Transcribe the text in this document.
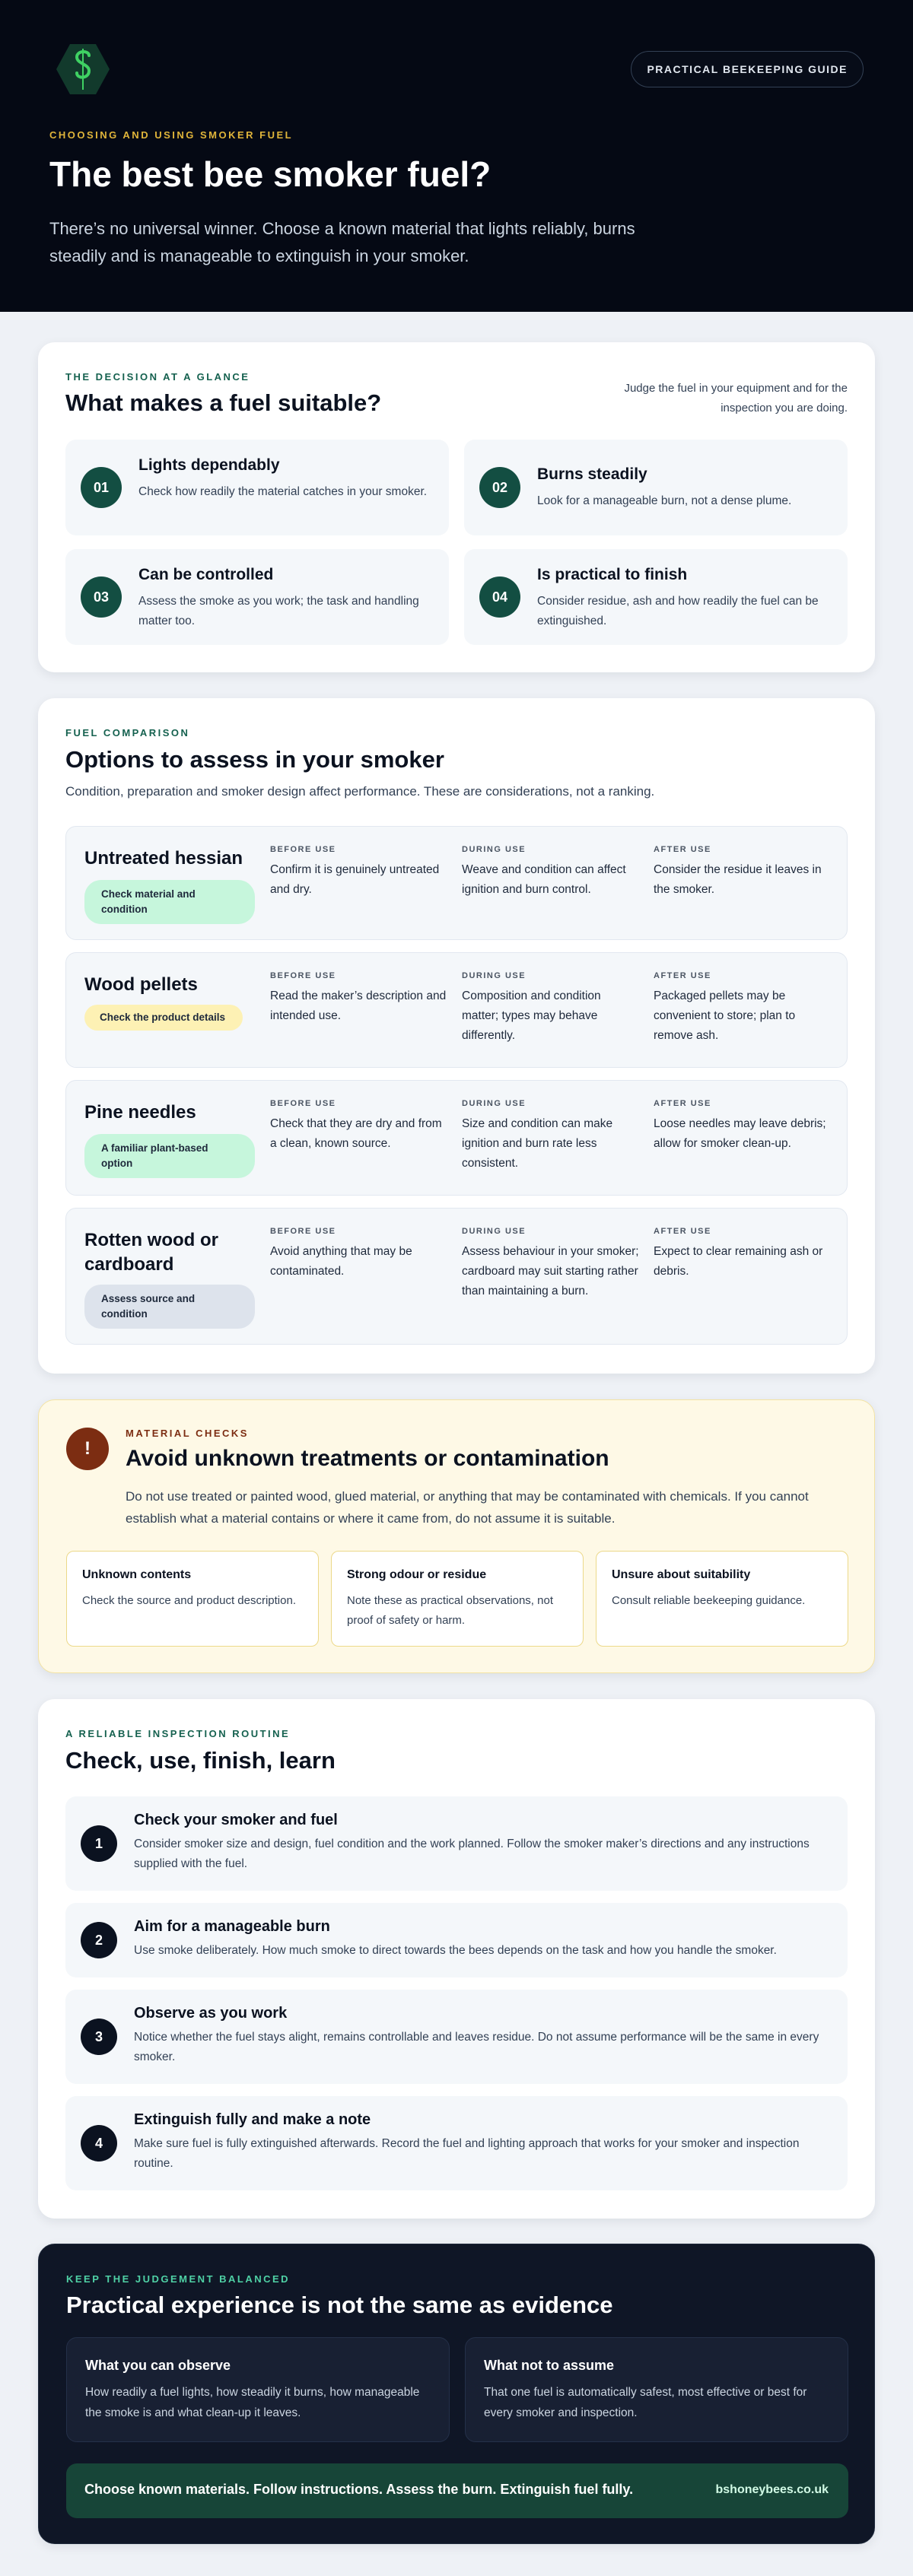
PRACTICAL BEEKEEPING GUIDE
CHOOSING AND USING SMOKER FUEL
The best bee smoker fuel?

There’s no universal winner. Choose a known material that lights reliably, burns steadily and is manageable to extinguish in your smoker.

THE DECISION AT A GLANCE
What makes a fuel suitable?

Judge the fuel in your equipment and for the inspection you are doing.

01
Lights dependably
Check how readily the material catches in your smoker.	02
Burns steadily
Look for a manageable burn, not a dense plume.
03
Can be controlled
Assess the smoke as you work; the task and handling matter too.
04
Is practical to finish
Consider residue, ash and how readily the fuel can be extinguished.
FUEL COMPARISON
Options to assess in your smoker

Condition, preparation and smoker design affect performance. These are considerations, not a ranking.

Untreated hessian
Check material and condition
BEFORE USE
Confirm it is genuinely untreated and dry.
DURING USE
Weave and condition can affect ignition and burn control.
AFTER USE
Consider the residue it leaves in the smoker.
Wood pellets
Check the product details
BEFORE USE
Read the maker’s description and intended use.
DURING USE
Composition and condition matter; types may behave differently.
AFTER USE
Packaged pellets may be convenient to store; plan to remove ash.
Pine needles
A familiar plant-based option
BEFORE USE
Check that they are dry and from a clean, known source.
DURING USE
Size and condition can make ignition and burn rate less consistent.
AFTER USE
Loose needles may leave debris; allow for smoker clean-up.
Rotten wood or cardboard
Assess source and condition
BEFORE USE
Avoid anything that may be contaminated.
DURING USE
Assess behaviour in your smoker; cardboard may suit starting rather than maintaining a burn.
AFTER USE
Expect to clear remaining ash or debris.
!
MATERIAL CHECKS
Avoid unknown treatments or contamination

Do not use treated or painted wood, glued material, or anything that may be contaminated with chemicals. If you cannot establish what a material contains or where it came from, do not assume it is suitable.

Unknown contents
Check the source and product description.
Strong odour or residue
Note these as practical observations, not proof of safety or harm.
Unsure about suitability
Consult reliable beekeeping guidance.
A RELIABLE INSPECTION ROUTINE
Check, use, finish, learn
1
Check your smoker and fuel
Consider smoker size and design, fuel condition and the work planned. Follow the smoker maker’s directions and any instructions supplied with the fuel.
2
Aim for a manageable burn
Use smoke deliberately. How much smoke to direct towards the bees depends on the task and how you handle the smoker.
3
Observe as you work
Notice whether the fuel stays alight, remains controllable and leaves residue. Do not assume performance will be the same in every smoker.
4
Extinguish fully and make a note
Make sure fuel is fully extinguished afterwards. Record the fuel and lighting approach that works for your smoker and inspection routine.
KEEP THE JUDGEMENT BALANCED
Practical experience is not the same as evidence
What you can observe
How readily a fuel lights, how steadily it burns, how manageable the smoke is and what clean-up it leaves.
What not to assume
That one fuel is automatically safest, most effective or best for every smoker and inspection.
Choose known materials. Follow instructions. Assess the burn. Extinguish fuel fully.	bshoneybees.co.uk
